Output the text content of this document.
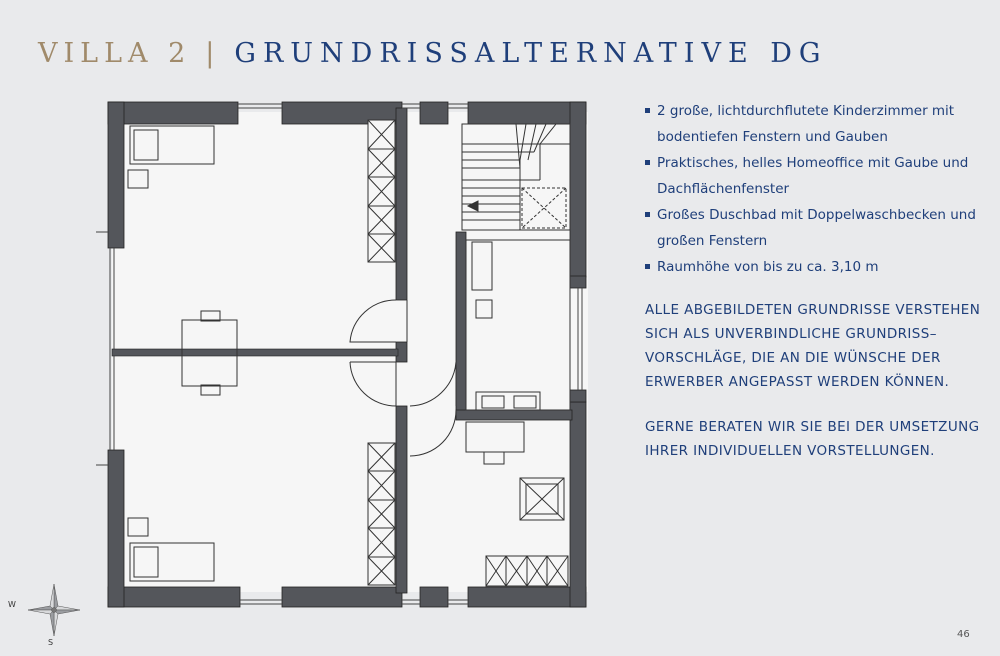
VILLA 2 | GRUNDRISSALTERNATIVE DG
2 große, lichtdurchflutete Kinderzimmer mit bodentiefen Fenstern und Gauben
Praktisches, helles Homeoffice mit Gaube und Dachflächenfenster
Großes Duschbad mit Doppelwaschbecken und großen Fenstern
Raumhöhe von bis zu ca. 3,10 m
ALLE ABGEBILDETEN GRUNDRISSE VERSTEHEN SICH ALS UNVERBINDLICHE GRUNDRISS–VORSCHLÄGE, DIE AN DIE WÜNSCHE DER ERWERBER ANGEPASST WERDEN KÖNNEN.
GERNE BERATEN WIR SIE BEI DER UMSETZUNG IHRER INDIVIDUELLEN VORSTELLUNGEN.
W
S
46
